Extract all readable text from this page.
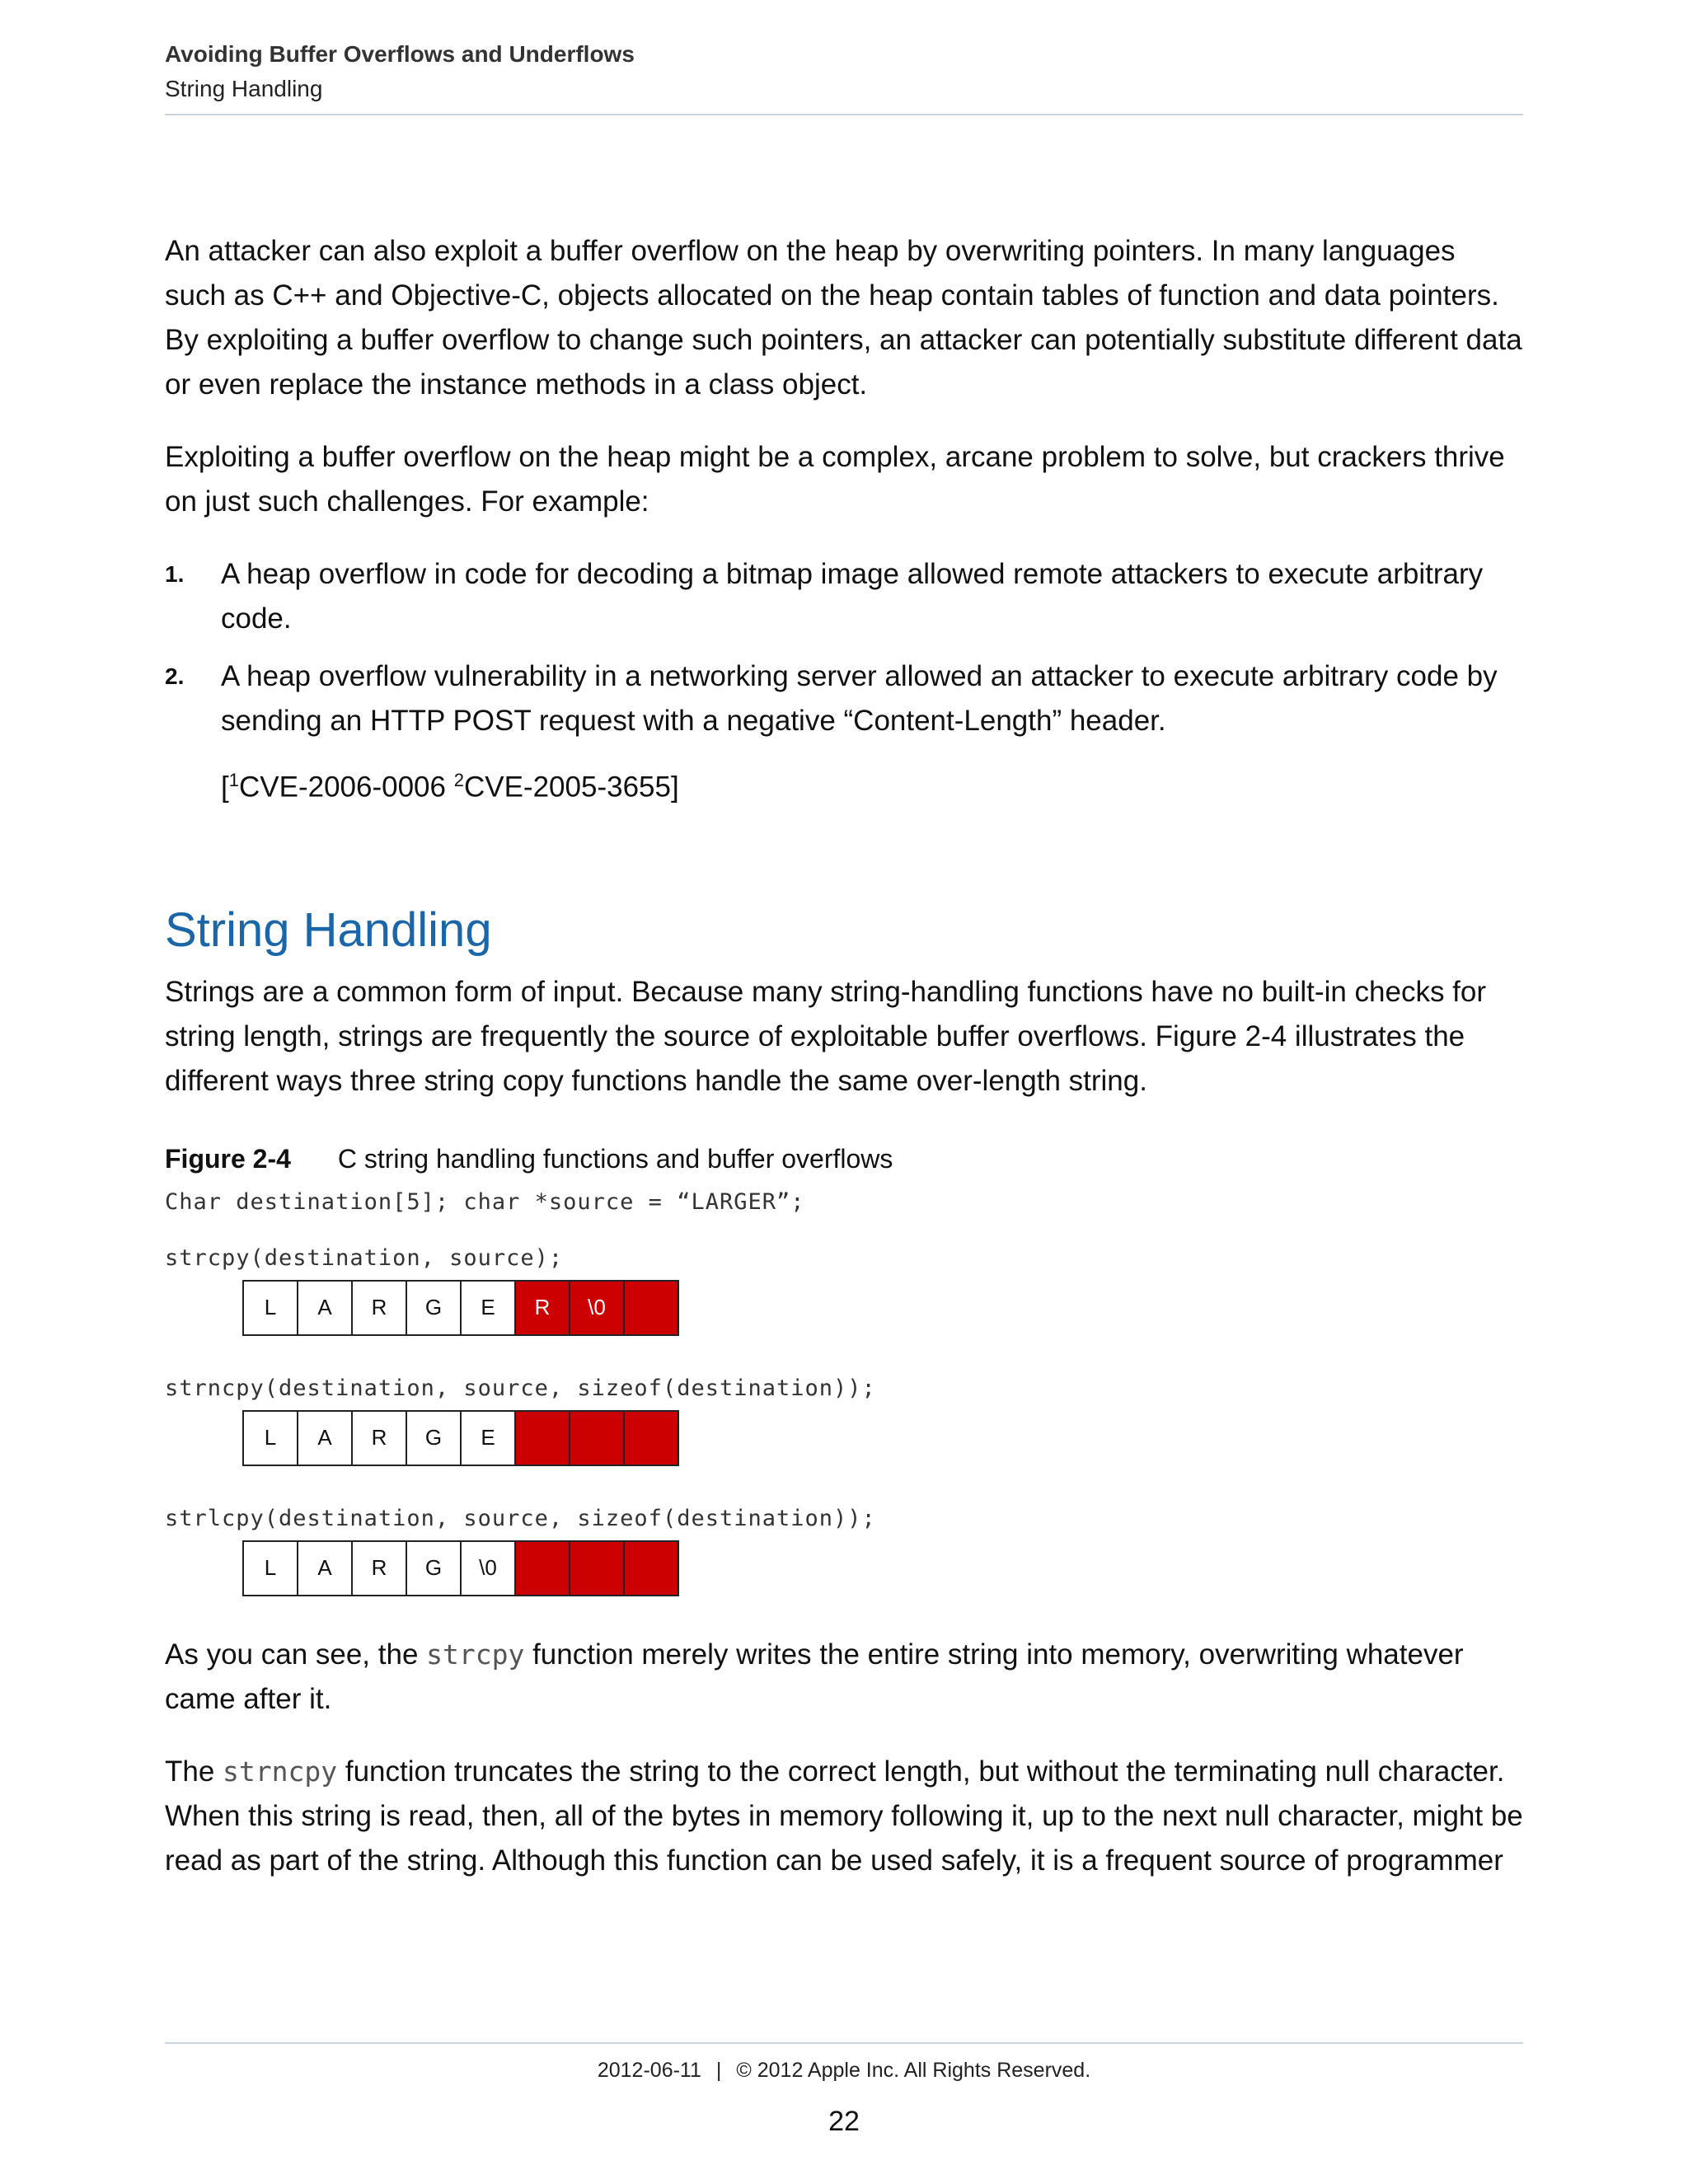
Avoiding Buffer Overflows and Underflows
String Handling

An attacker can also exploit a buffer overflow on the heap by overwriting pointers. In many languages such as C++ and Objective-C, objects allocated on the heap contain tables of function and data pointers. By exploiting a buffer overflow to change such pointers, an attacker can potentially substitute different data or even replace the instance methods in a class object.

Exploiting a buffer overflow on the heap might be a complex, arcane problem to solve, but crackers thrive on just such challenges. For example:

1. A heap overflow in code for decoding a bitmap image allowed remote attackers to execute arbitrary code.
2. A heap overflow vulnerability in a networking server allowed an attacker to execute arbitrary code by sending an HTTP POST request with a negative “Content-Length” header.
[$^1$CVE-2006-0006 $^2$CVE-2005-3655]
String Handling

Strings are a common form of input. Because many string-handling functions have no built-in checks for string length, strings are frequently the source of exploitable buffer overflows. Figure 2-4 illustrates the different ways three string copy functions handle the same over-length string.

Figure 2-4 C string handling functions and buffer overflows
Char destination[5]; char *source = “LARGER”;
strcpy(destination, source);
L	A	R	G	E	R	\0
strncpy(destination, source, sizeof(destination));
L	A	R	G	E
strlcpy(destination, source, sizeof(destination));
L	A	R	G	\0

As you can see, the strcpy function merely writes the entire string into memory, overwriting whatever came after it.

The strncpy function truncates the string to the correct length, but without the terminating null character. When this string is read, then, all of the bytes in memory following it, up to the next null character, might be read as part of the string. Although this function can be used safely, it is a frequent source of programmer

2012-06-11 | © 2012 Apple Inc. All Rights Reserved.
22
